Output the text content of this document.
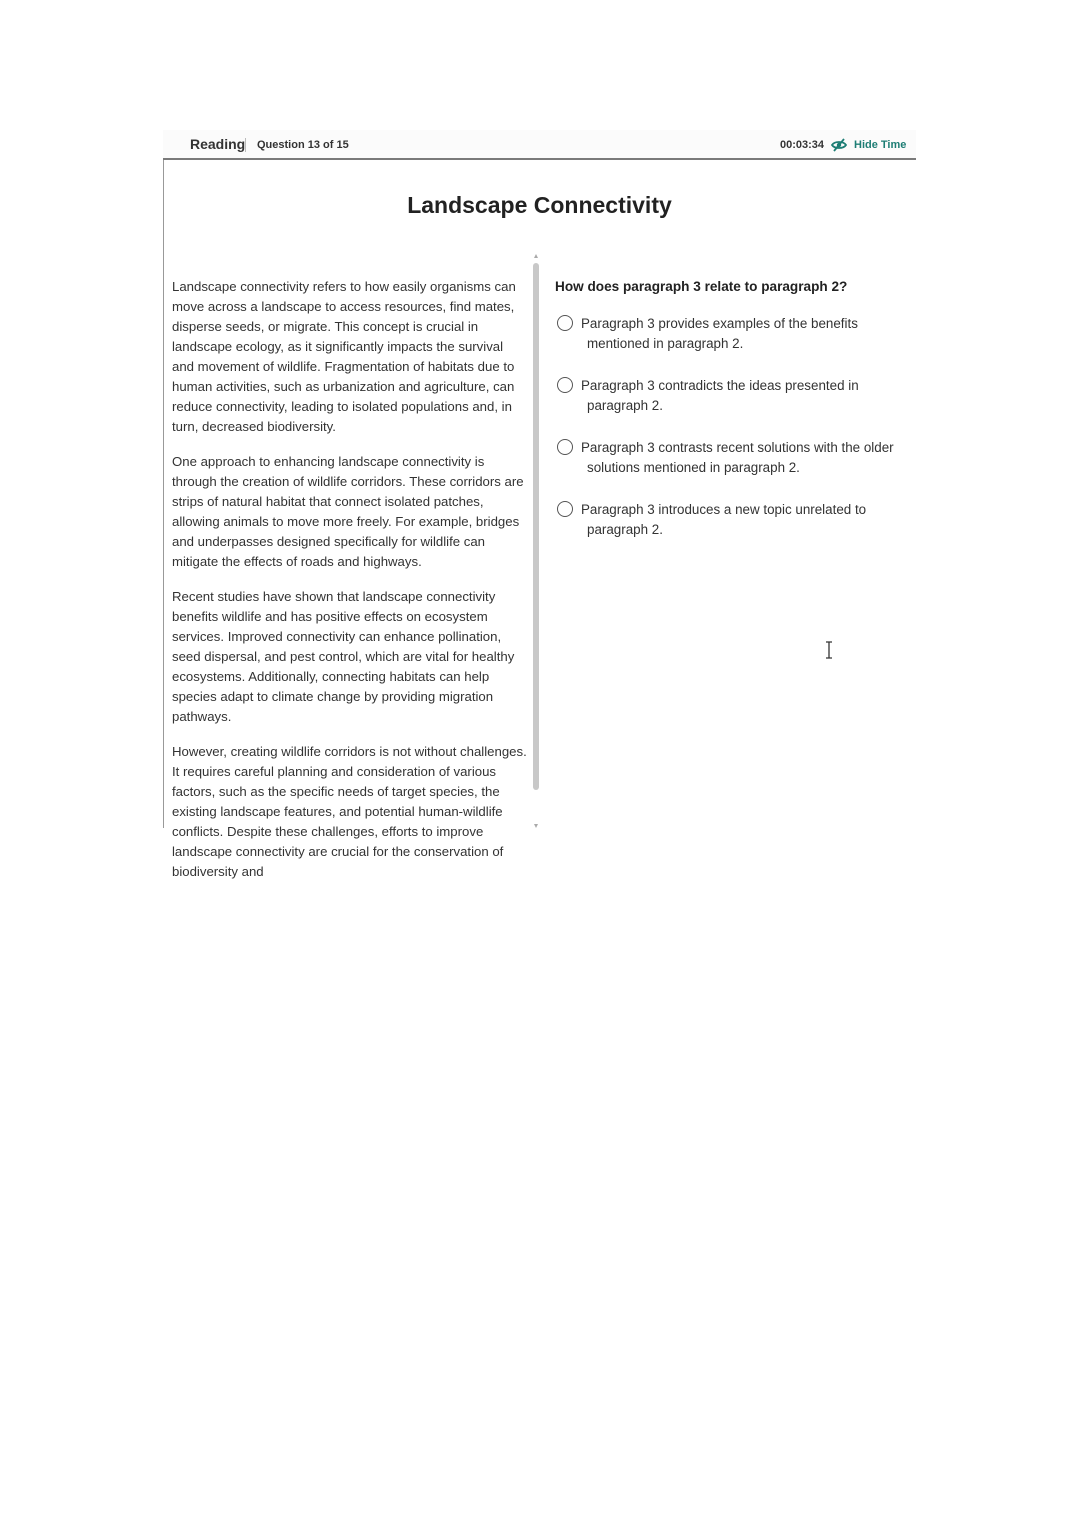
Reading Question 13 of 15	00:03:34	Hide Time
Landscape Connectivity

Landscape connectivity refers to how easily organisms can move across a landscape to access resources, find mates, disperse seeds, or migrate. This concept is crucial in landscape ecology, as it significantly impacts the survival and movement of wildlife. Fragmentation of habitats due to human activities, such as urbanization and agriculture, can reduce connectivity, leading to isolated populations and, in turn, decreased biodiversity.

One approach to enhancing landscape connectivity is through the creation of wildlife corridors. These corridors are strips of natural habitat that connect isolated patches, allowing animals to move more freely. For example, bridges and underpasses designed specifically for wildlife can mitigate the effects of roads and highways.

Recent studies have shown that landscape connectivity benefits wildlife and has positive effects on ecosystem services. Improved connectivity can enhance pollination, seed dispersal, and pest control, which are vital for healthy ecosystems. Additionally, connecting habitats can help species adapt to climate change by providing migration pathways.

However, creating wildlife corridors is not without challenges. It requires careful planning and consideration of various factors, such as the specific needs of target species, the existing landscape features, and potential human-wildlife conflicts. Despite these challenges, efforts to improve landscape connectivity are crucial for the conservation of biodiversity and

How does paragraph 3 relate to paragraph 2?

Paragraph 3 provides examples of the benefits mentioned in paragraph 2.
Paragraph 3 contradicts the ideas presented in paragraph 2.
Paragraph 3 contrasts recent solutions with the older solutions mentioned in paragraph 2.
Paragraph 3 introduces a new topic unrelated to paragraph 2.
